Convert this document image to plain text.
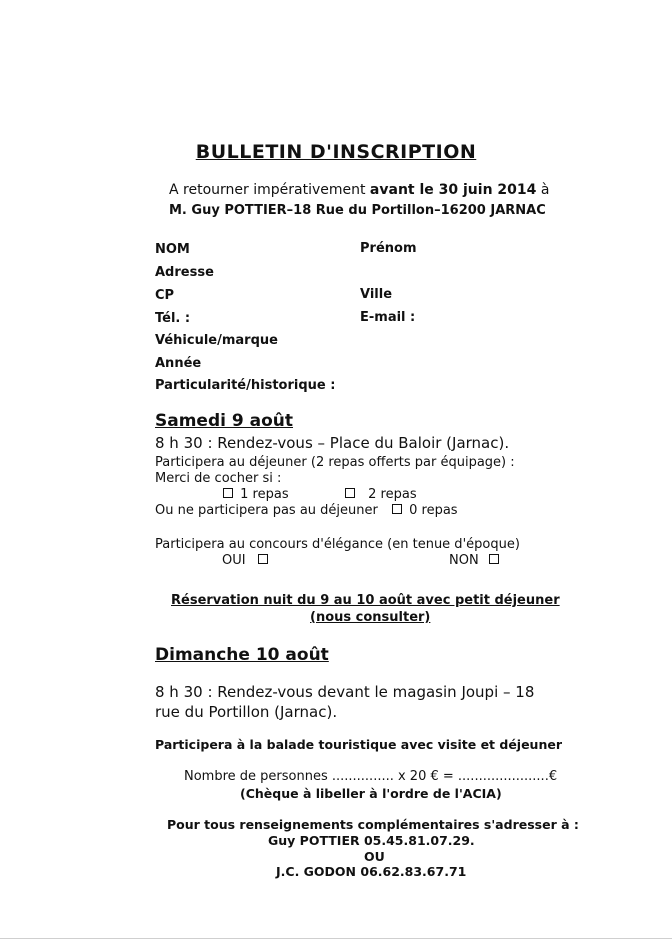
BULLETIN D'INSCRIPTION
A retourner impérativement avant le 30 juin 2014 à
M. Guy POTTIER–18 Rue du Portillon–16200 JARNAC
NOM	Prénom
Adresse
CP	Ville
Tél. :	E-mail :
Véhicule/marque
Année
Particularité/historique :
Samedi 9 août
8 h 30 : Rendez-vous – Place du Baloir (Jarnac).
Participera au déjeuner (2 repas offerts par équipage) :
Merci de cocher si :
1 repas	2 repas
Ou ne participera pas au déjeuner 0 repas
Participera au concours d'élégance (en tenue d'époque)
OUI	NON
Réservation nuit du 9 au 10 août avec petit déjeuner
(nous consulter)
Dimanche 10 août
8 h 30 : Rendez-vous devant le magasin Joupi – 18
rue du Portillon (Jarnac).
Participera à la balade touristique avec visite et déjeuner
Nombre de personnes ............... x 20 € = ......................€
(Chèque à libeller à l'ordre de l'ACIA)
Pour tous renseignements complémentaires s'adresser à :
Guy POTTIER 05.45.81.07.29.
OU
J.C. GODON 06.62.83.67.71
